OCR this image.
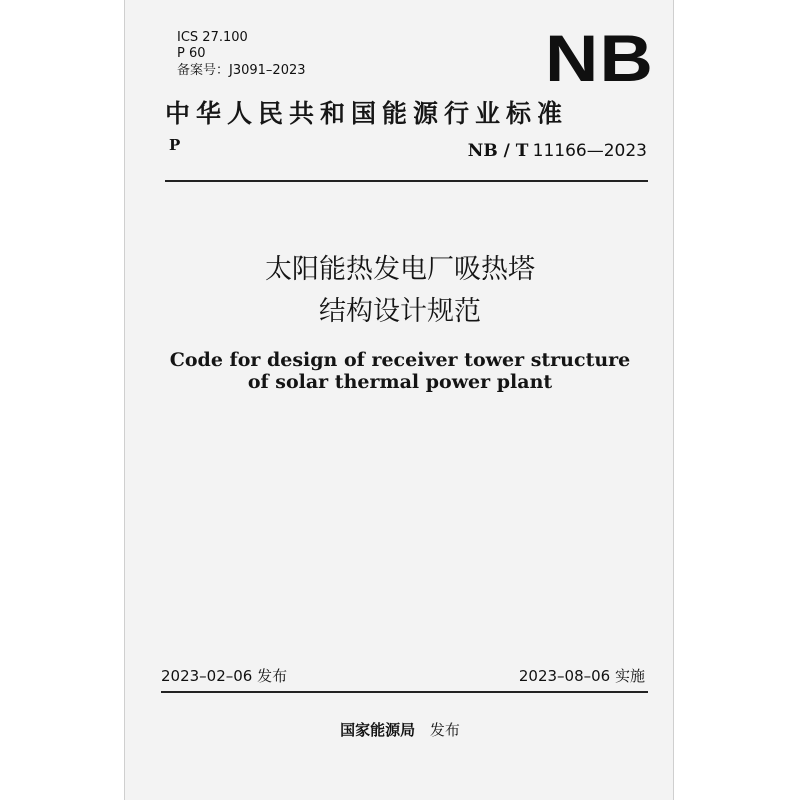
ICS 27.100
P 60
备案号：J3091–2023	NB
中华人民共和国能源行业标准
P	NB / T 11166—2023
太阳能热发电厂吸热塔
结构设计规范
Code for design of receiver tower structure
of solar thermal power plant
2023–02–06 发布	2023–08–06 实施
国家能源局 发布
